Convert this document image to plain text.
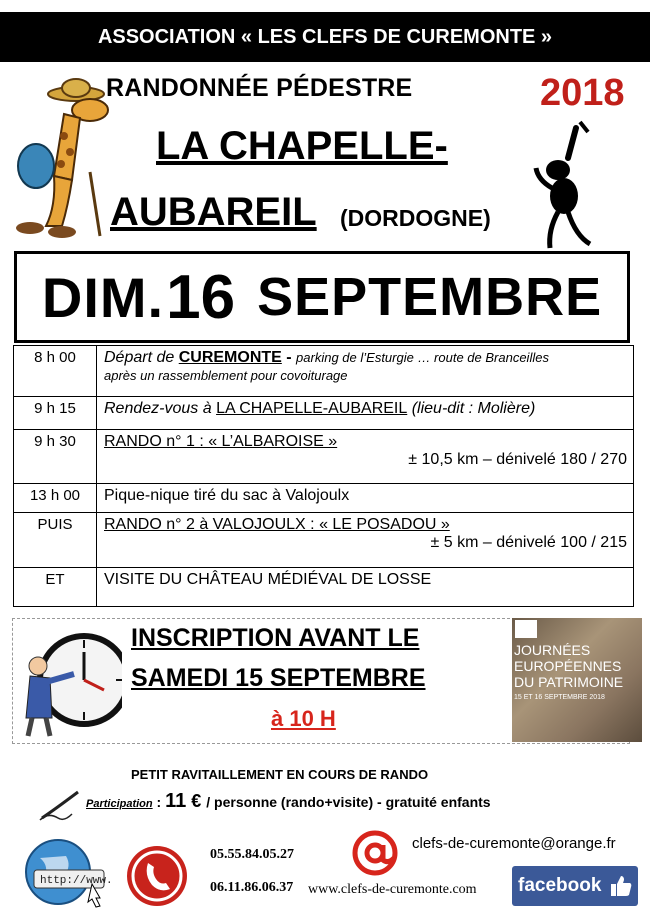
ASSOCIATION « LES CLEFS DE CUREMONTE »
RANDONNÉE PÉDESTRE	2018
LA CHAPELLE-
AUBAREIL (DORDOGNE)
DIM. 16 SEPTEMBRE
8 h 00	Départ de CUREMONTE - parking de l’Esturgie … route de Branceilles
après un rassemblement pour covoiturage
9 h 15	Rendez-vous à LA CHAPELLE-AUBAREIL (lieu-dit : Molière)
9 h 30	RANDO n° 1 : « L’ALBAROISE »
± 10,5 km – dénivelé 180 / 270

13 h 00	Pique-nique tiré du sac à Valojoulx
PUIS	RANDO n° 2 à VALOJOULX : « LE POSADOU »
± 5 km – dénivelé 100 / 215

ET	VISITE DU CHÂTEAU MÉDIÉVAL DE LOSSE
INSCRIPTION AVANT LE
SAMEDI 15 SEPTEMBRE
à 10 H
JOURNÉES EUROPÉENNES DU PATRIMOINE
15 ET 16 SEPTEMBRE 2018
PETIT RAVITAILLEMENT EN COURS DE RANDO
Participation : 11 € / personne (rando+visite) - gratuité enfants
http://www.
05.55.84.05.27
06.11.86.06.37
clefs-de-curemonte@orange.fr
www.clefs-de-curemonte.com facebook
